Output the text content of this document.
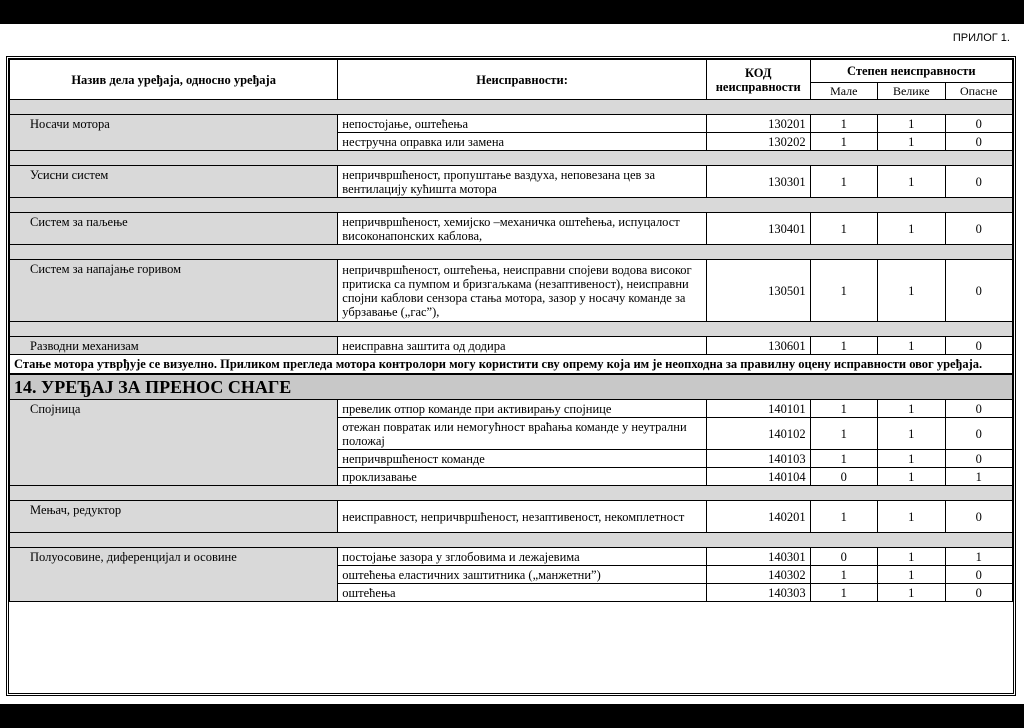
ПРИЛОГ 1.
Назив дела уређаја, односно уређаја	Неисправности:	КОД неисправности	Степен неисправности		
			Мале	Велике	Опасне

Носачи мотора	непостојање, оштећења	130201	1	1	0
	нестручна оправка или замена	130202	1	1	0

Усисни систем	непричвршћеност, пропуштање ваздуха, неповезана цев за вентилацију кућишта мотора	130301	1	1	0

Систем за паљење	непричвршћеност, хемијско –механичка оштећења, испуцалост високонапонских каблова,	130401	1	1	0

Систем за напајање горивом	непричвршћеност, оштећења, неисправни спојеви водова високог притиска са пумпом и бризгаљкама (незаптивеност), неисправни спојни каблови сензора стања мотора, зазор у носачу команде за убрзавање („гас”),	130501	1	1	0

Разводни механизам	неисправна заштита од додира	130601	1	1	0
Стање мотора утврђује се визуелно. Приликом прегледа мотора контролори могу користити сву опрему која им је неопходна за правилну оцену исправности овог уређаја.					
14. УРЕЂАЈ ЗА ПРЕНОС СНАГЕ					
Спојница	превелик отпор команде при активирању спојнице	140101	1	1	0
	отежан повратак или немогућност враћања команде у неутрални положај	140102	1	1	0
	непричвршћеност команде	140103	1	1	0
	проклизавање	140104	0	1	1

Мењач, редуктор	неисправност, непричвршћеност, незаптивеност, некомплетност	140201	1	1	0

Полуосовине, диференцијал и осовине	постојање зазора у зглобовима и лежајевима	140301	0	1	1
	оштећења еластичних заштитника („манжетни”)	140302	1	1	0
	оштећења	140303	1	1	0
